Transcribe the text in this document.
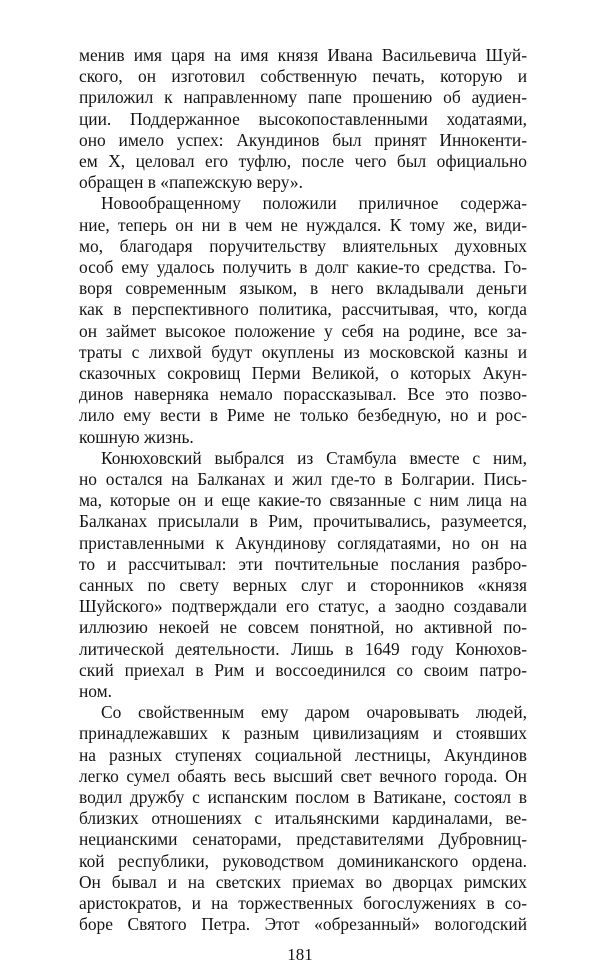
менив имя царя на имя князя Ивана Васильевича Шуй-
ского, он изготовил собственную печать, которую и
приложил к направленному папе прошению об аудиен-
ции. Поддержанное высокопоставленными ходатаями,
оно имело успех: Акундинов был принят Иннокенти-
ем X, целовал его туфлю, после чего был официально
обращен в «папежскую веру».
Новообращенному положили приличное содержа-
ние, теперь он ни в чем не нуждался. К тому же, види-
мо, благодаря поручительству влиятельных духовных
особ ему удалось получить в долг какие-то средства. Го-
воря современным языком, в него вкладывали деньги
как в перспективного политика, рассчитывая, что, когда
он займет высокое положение у себя на родине, все за-
траты с лихвой будут окуплены из московской казны и
сказочных сокровищ Перми Великой, о которых Акун-
динов наверняка немало порассказывал. Все это позво-
лило ему вести в Риме не только безбедную, но и рос-
кошную жизнь.
Конюховский выбрался из Стамбула вместе с ним,
но остался на Балканах и жил где-то в Болгарии. Пись-
ма, которые он и еще какие-то связанные с ним лица на
Балканах присылали в Рим, прочитывались, разумеется,
приставленными к Акундинову соглядатаями, но он на
то и рассчитывал: эти почтительные послания разбро-
санных по свету верных слуг и сторонников «князя
Шуйского» подтверждали его статус, а заодно создавали
иллюзию некоей не совсем понятной, но активной по-
литической деятельности. Лишь в 1649 году Конюхов-
ский приехал в Рим и воссоединился со своим патро-
ном.
Со свойственным ему даром очаровывать людей,
принадлежавших к разным цивилизациям и стоявших
на разных ступенях социальной лестницы, Акундинов
легко сумел обаять весь высший свет вечного города. Он
водил дружбу с испанским послом в Ватикане, состоял в
близких отношениях с итальянскими кардиналами, ве-
нецианскими сенаторами, представителями Дубровниц-
кой республики, руководством доминиканского ордена.
Он бывал и на светских приемах во дворцах римских
аристократов, и на торжественных богослужениях в со-
боре Святого Петра. Этот «обрезанный» вологодский
181
